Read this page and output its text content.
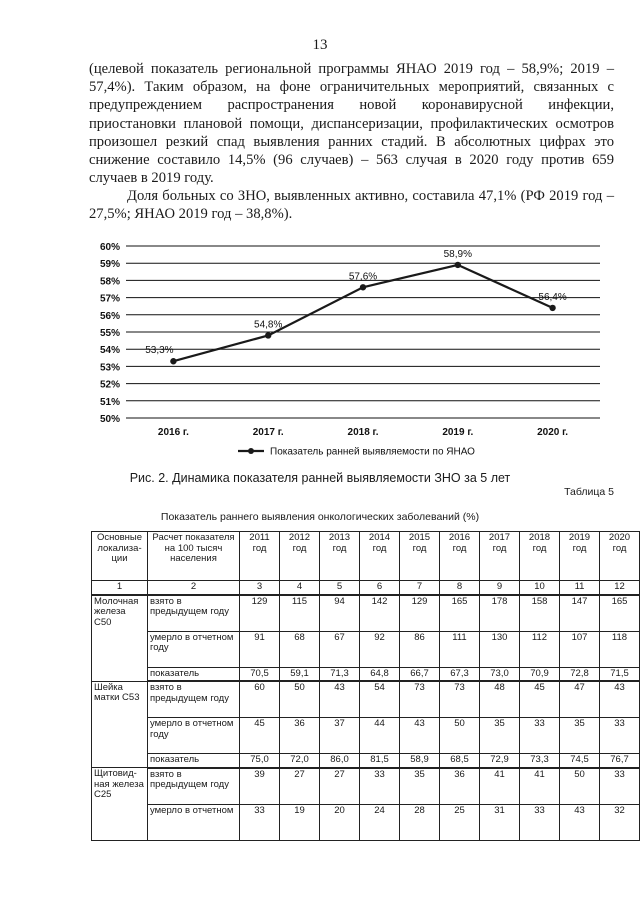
13
(целевой показатель региональной программы ЯНАО 2019 год – 58,9%; 2019 – 57,4%). Таким образом, на фоне ограничительных мероприятий, связанных с предупреждением распространения новой коронавирусной инфекции, приостановки плановой помощи, диспансеризации, профилактических осмотров произошел резкий спад выявления ранних стадий. В абсолютных цифрах это снижение составило 14,5% (96 случаев) – 563 случая в 2020 году против 659 случаев в 2019 году.
Доля больных со ЗНО, выявленных активно, составила 47,1% (РФ 2019 год – 27,5%; ЯНАО 2019 год – 38,8%).
50%
51%
52%
53%
54%
55%
56%
57%
58%
59%
60%
2016 г.	2017 г.	2018 г.	2019 г.	2020 г.
53,3%
54,8%
57,6%
58,9%
56,4%
Показатель ранней выявляемости по ЯНАО
Рис. 2. Динамика показателя ранней выявляемости ЗНО за 5 лет
Таблица 5
Показатель раннего выявления онкологических заболеваний (%)
Основные локализа-ции	Расчет показателя на 100 тысяч населения	2011 год	2012 год	2013 год	2014 год	2015 год	2016 год	2017 год	2018 год	2019 год	2020 год
1	2	3	4	5	6	7	8	9	10	11	12
Молочная железа С50	взято в предыдущем году	129	115	94	142	129	165	178	158	147	165
	умерло в отчетном году	91	68	67	92	86	111	130	112	107	118
	показатель	70,5	59,1	71,3	64,8	66,7	67,3	73,0	70,9	72,8	71,5
Шейка матки С53	взято в предыдущем году	60	50	43	54	73	73	48	45	47	43
	умерло в отчетном году	45	36	37	44	43	50	35	33	35	33
	показатель	75,0	72,0	86,0	81,5	58,9	68,5	72,9	73,3	74,5	76,7
Щитовид-ная железа С25	взято в предыдущем году	39	27	27	33	35	36	41	41	50	33
	умерло в отчетном	33	19	20	24	28	25	31	33	43	32
